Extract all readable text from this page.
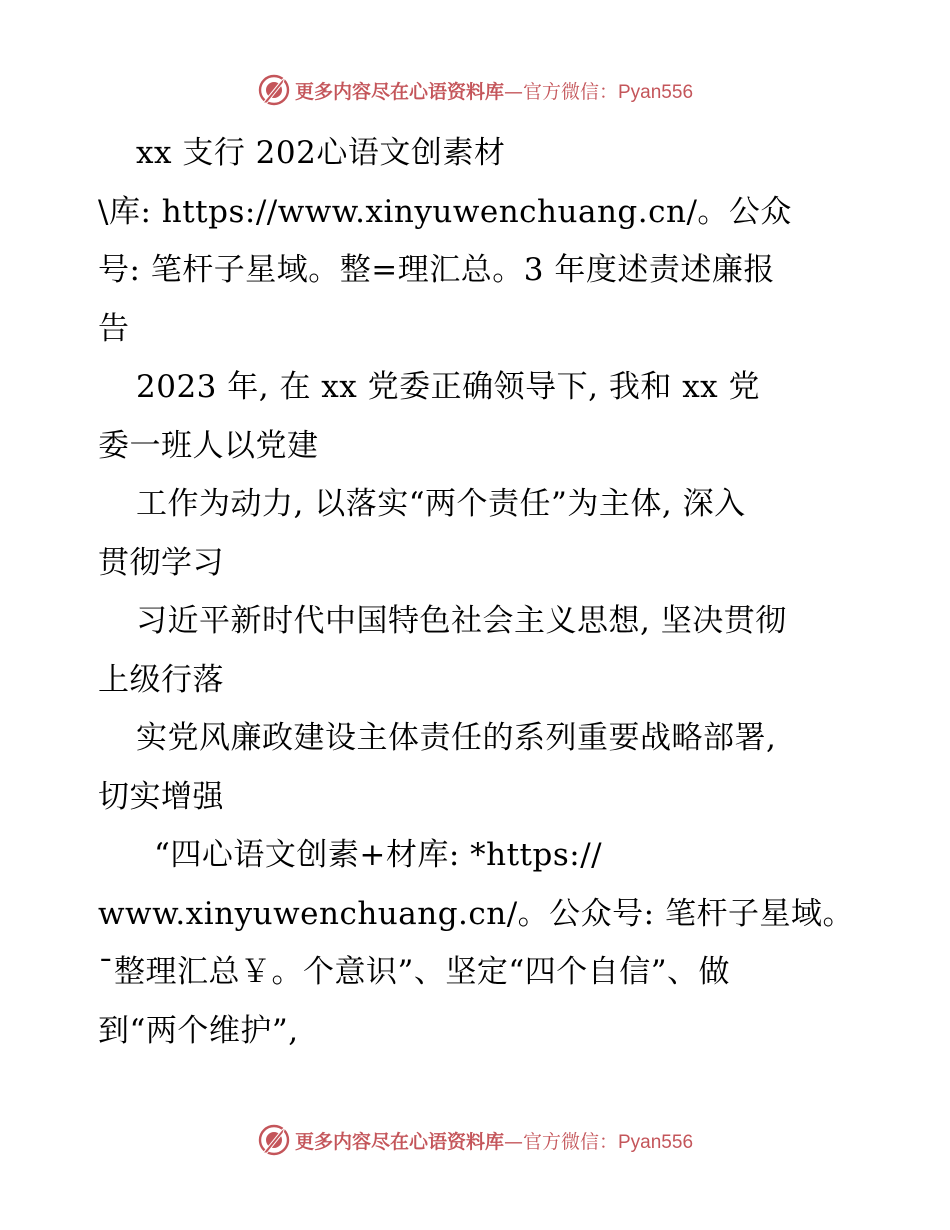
更多内容尽在心语资料库—官方微信：Pyan556
xx 支行 202心语文创素材
\库: https://www.xinyuwenchuang.cn/。公众
号: 笔杆子星域。整=理汇总。3 年度述责述廉报
告
2023 年, 在 xx 党委正确领导下, 我和 xx 党
委一班人以党建
工作为动力, 以落实“两个责任”为主体, 深入
贯彻学习
习近平新时代中国特色社会主义思想, 坚决贯彻
上级行落
实党风廉政建设主体责任的系列重要战略部署,
切实增强
“四心语文创素+材库: *https://
www.xinyuwenchuang.cn/。公众号: 笔杆子星域。
¯整理汇总￥。个意识”、坚定“四个自信”、做
到“两个维护”,
更多内容尽在心语资料库—官方微信：Pyan556
